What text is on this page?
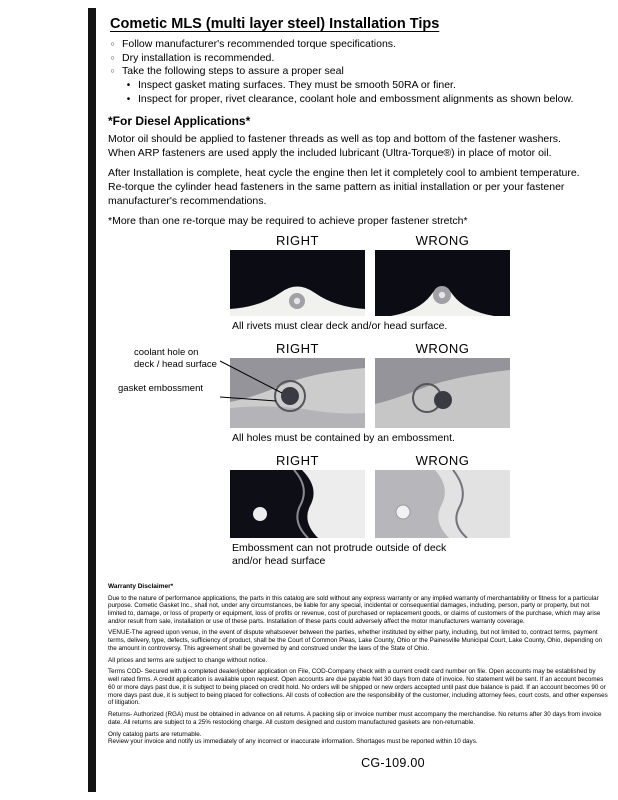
Cometic MLS (multi layer steel) Installation Tips
○ Follow manufacturer's recommended torque specifications.
○ Dry installation is recommended.
○ Take the following steps to assure a proper seal
• Inspect gasket mating surfaces. They must be smooth 50RA or finer.
• Inspect for proper, rivet clearance, coolant hole and embossment alignments as shown below.
*For Diesel Applications*

Motor oil should be applied to fastener threads as well as top and bottom of the fastener washers. When ARP fasteners are used apply the included lubricant (Ultra-Torque®) in place of motor oil.

After Installation is complete, heat cycle the engine then let it completely cool to ambient temperature. Re-torque the cylinder head fasteners in the same pattern as initial installation or per your fastener manufacturer's recommendations.

*More than one re-torque may be required to achieve proper fastener stretch*

RIGHT	WRONG
All rivets must clear deck and/or head surface.
coolant hole on deck / head surface
gasket embossment
RIGHT	WRONG
All holes must be contained by an embossment.
RIGHT	WRONG
Embossment can not protrude outside of deck and/or head surface
Warranty Disclaimer*

Due to the nature of performance applications, the parts in this catalog are sold without any express warranty or any implied warranty of merchantability or fitness for a particular purpose. Cometic Gasket Inc., shall not, under any circumstances, be liable for any special, incidental or consequential damages, including, person, party or property, but not limited to, damage, or loss of property or equipment, loss of profits or revenue, cost of purchased or replacement goods, or claims of customers of the purchase, which may arise and/or result from sale, installation or use of these parts. Installation of these parts could adversely affect the motor manufacturers warranty coverage.

VENUE-The agreed upon venue, in the event of dispute whatsoever between the parties, whether instituted by either party, including, but not limited to, contract terms, payment terms, delivery, type, defects, sufficiency of product, shall be the Court of Common Pleas, Lake County, Ohio or the Painesville Municipal Court, Lake County, Ohio, depending on the amount in controversy. This agreement shall be governed by and construed under the laws of the State of Ohio.

All prices and terms are subject to change without notice.

Terms COD- Secured with a completed dealer/jobber application on File, COD-Company check with a current credit card number on file. Open accounts may be established by well rated firms. A credit application is available upon request. Open accounts are due payable Net 30 days from date of invoice. No statement will be sent. If an account becomes 60 or more days past due, it is subject to being placed on credit hold. No orders will be shipped or new orders accepted until past due balance is paid. If an account becomes 90 or more days past due, it is subject to being placed for collections. All costs of collection are the responsibility of the customer, including attorney fees, court costs, and other expenses of litigation.

Returns- Authorized (RGA) must be obtained in advance on all returns. A packing slip or invoice number must accompany the merchandise. No returns after 30 days from invoice date. All returns are subject to a 25% restocking charge. All custom designed and custom manufactured gaskets are non-returnable.

Only catalog parts are returnable.

Review your invoice and notify us immediately of any incorrect or inaccurate information. Shortages must be reported within 10 days.

CG-109.00
